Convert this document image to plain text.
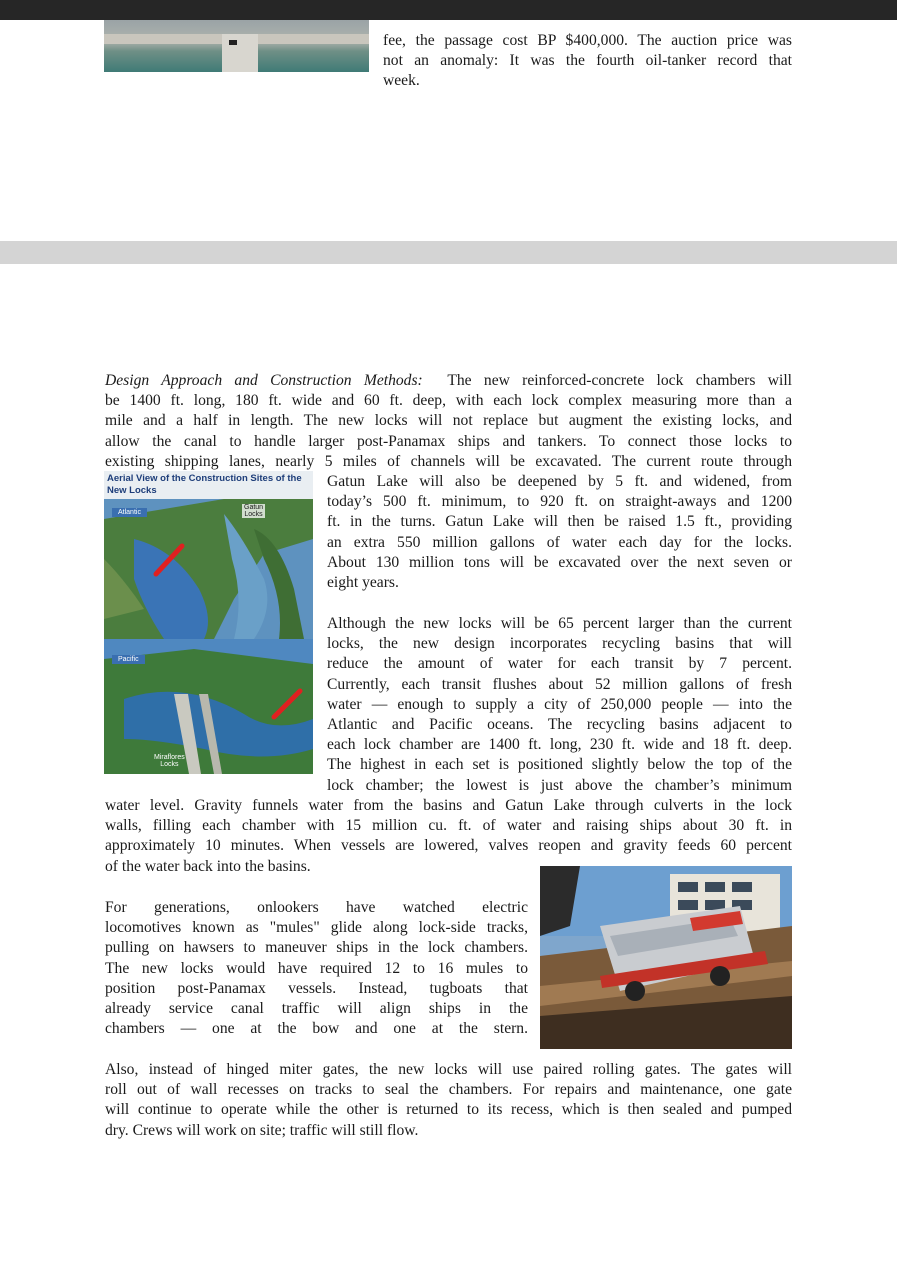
fee, the passage cost BP $400,000. The auction price was
not an anomaly: It was the fourth oil-tanker record that
week.
Design Approach and Construction Methods: The new reinforced-concrete lock chambers will
be 1400 ft. long, 180 ft. wide and 60 ft. deep, with each lock complex measuring more than a
mile and a half in length. The new locks will not replace but augment the existing locks, and
allow the canal to handle larger post-Panamax ships and tankers. To connect those locks to
existing shipping lanes, nearly 5 miles of channels will be excavated. The current route through
Aerial View of the Construction Sites of the New Locks
Atlantic
Gatun
Locks
Pacific
Miraflores
Locks
Gatun Lake will also be deepened by 5 ft. and widened, from
today’s 500 ft. minimum, to 920 ft. on straight-aways and 1200
ft. in the turns. Gatun Lake will then be raised 1.5 ft., providing
an extra 550 million gallons of water each day for the locks.
About 130 million tons will be excavated over the next seven or
eight years.
Although the new locks will be 65 percent larger than the current
locks, the new design incorporates recycling basins that will
reduce the amount of water for each transit by 7 percent.
Currently, each transit flushes about 52 million gallons of fresh
water — enough to supply a city of 250,000 people — into the
Atlantic and Pacific oceans. The recycling basins adjacent to
each lock chamber are 1400 ft. long, 230 ft. wide and 18 ft. deep.
The highest in each set is positioned slightly below the top of the
lock chamber; the lowest is just above the chamber’s minimum
water level. Gravity funnels water from the basins and Gatun Lake through culverts in the lock
walls, filling each chamber with 15 million cu. ft. of water and raising ships about 30 ft. in
approximately 10 minutes. When vessels are lowered, valves reopen and gravity feeds 60 percent
of the water back into the basins.
For generations, onlookers have watched electric
locomotives known as "mules" glide along lock-side tracks,
pulling on hawsers to maneuver ships in the lock chambers.
The new locks would have required 12 to 16 mules to
position post-Panamax vessels. Instead, tugboats that
already service canal traffic will align ships in the
chambers — one at the bow and one at the stern.
Also, instead of hinged miter gates, the new locks will use paired rolling gates. The gates will
roll out of wall recesses on tracks to seal the chambers. For repairs and maintenance, one gate
will continue to operate while the other is returned to its recess, which is then sealed and pumped
dry. Crews will work on site; traffic will still flow.
